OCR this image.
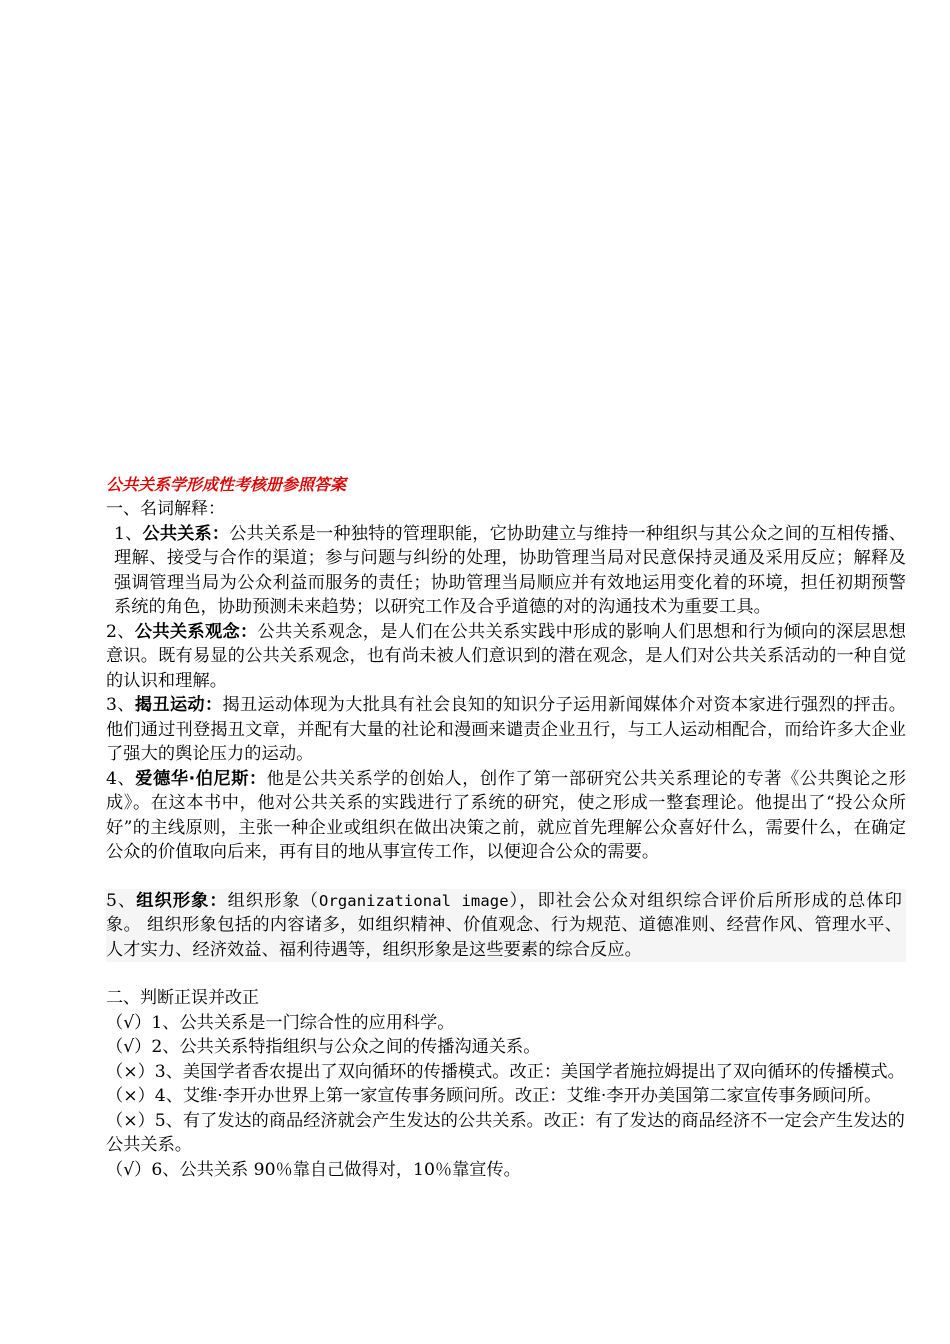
公共关系学形成性考核册参照答案

一、名词解释：

1、公共关系：公共关系是一种独特的管理职能，它协助建立与维持一种组织与其公众之间的互相传播、理解、接受与合作的渠道；参与问题与纠纷的处理，协助管理当局对民意保持灵通及采用反应；解释及强调管理当局为公众利益而服务的责任；协助管理当局顺应并有效地运用变化着的环境，担任初期预警系统的角色，协助预测未来趋势；以研究工作及合乎道德的对的沟通技术为重要工具。

2、公共关系观念：公共关系观念，是人们在公共关系实践中形成的影响人们思想和行为倾向的深层思想意识。既有易显的公共关系观念，也有尚未被人们意识到的潜在观念，是人们对公共关系活动的一种自觉的认识和理解。

3、揭丑运动：揭丑运动体现为大批具有社会良知的知识分子运用新闻媒体介对资本家进行强烈的抨击。他们通过刊登揭丑文章，并配有大量的社论和漫画来谴责企业丑行，与工人运动相配合，而给许多大企业了强大的舆论压力的运动。

4、爱德华·伯尼斯：他是公共关系学的创始人，创作了第一部研究公共关系理论的专著《公共舆论之形成》。在这本书中，他对公共关系的实践进行了系统的研究，使之形成一整套理论。他提出了“投公众所好”的主线原则，主张一种企业或组织在做出决策之前，就应首先理解公众喜好什么，需要什么，在确定公众的价值取向后来，再有目的地从事宣传工作，以便迎合公众的需要。

5、组织形象：组织形象（Organizational image），即社会公众对组织综合评价后所形成的总体印象。 组织形象包括的内容诸多，如组织精神、价值观念、行为规范、道德准则、经营作风、管理水平、人才实力、经济效益、福利待遇等，组织形象是这些要素的综合反应。

二、判断正误并改正

（√）1、公共关系是一门综合性的应用科学。

（√）2、公共关系特指组织与公众之间的传播沟通关系。

（×）3、美国学者香农提出了双向循环的传播模式。改正：美国学者施拉姆提出了双向循环的传播模式。

（×）4、艾维·李开办世界上第一家宣传事务顾问所。改正：艾维·李开办美国第二家宣传事务顾问所。

（×）5、有了发达的商品经济就会产生发达的公共关系。改正：有了发达的商品经济不一定会产生发达的公共关系。

（√）6、公共关系 90％靠自己做得对，10％靠宣传。
